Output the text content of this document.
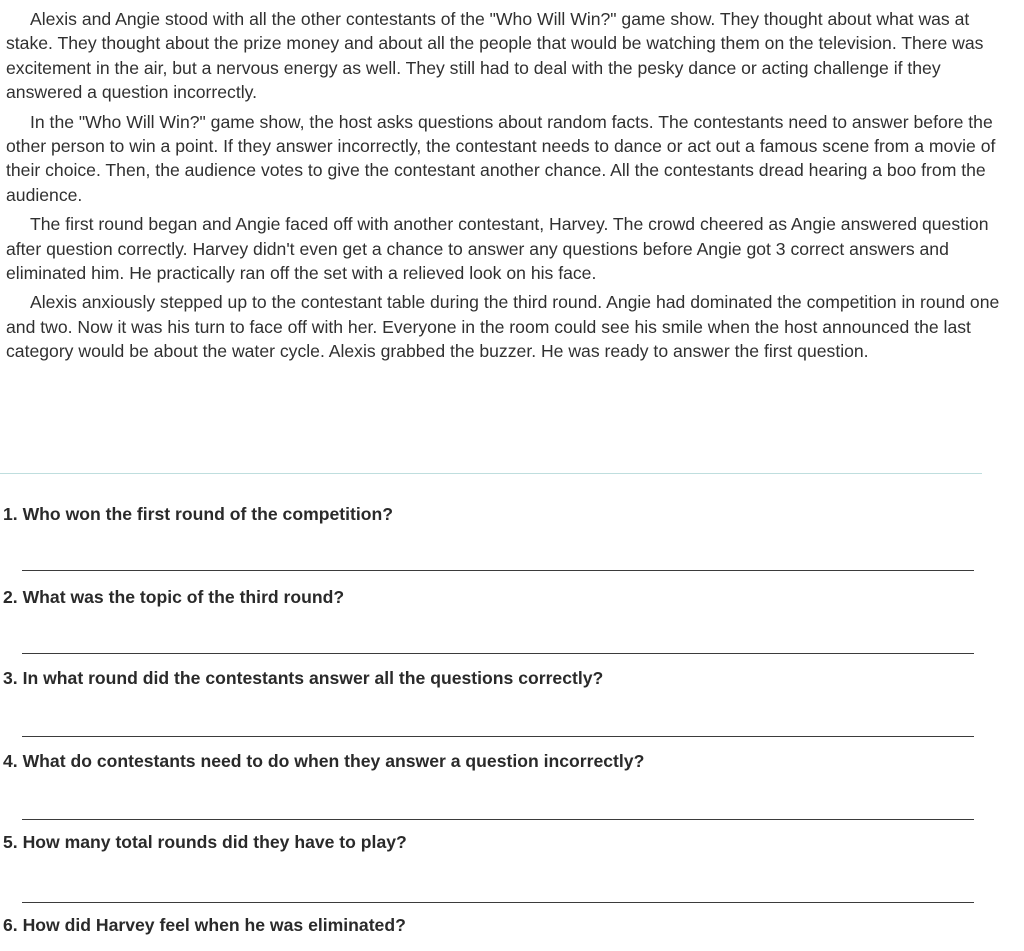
Alexis and Angie stood with all the other contestants of the "Who Will Win?" game show. They thought about what was at stake. They thought about the prize money and about all the people that would be watching them on the television. There was excitement in the air, but a nervous energy as well. They still had to deal with the pesky dance or acting challenge if they answered a question incorrectly.

In the "Who Will Win?" game show, the host asks questions about random facts. The contestants need to answer before the other person to win a point. If they answer incorrectly, the contestant needs to dance or act out a famous scene from a movie of their choice. Then, the audience votes to give the contestant another chance. All the contestants dread hearing a boo from the audience.

The first round began and Angie faced off with another contestant, Harvey. The crowd cheered as Angie answered question after question correctly. Harvey didn't even get a chance to answer any questions before Angie got 3 correct answers and eliminated him. He practically ran off the set with a relieved look on his face.

Alexis anxiously stepped up to the contestant table during the third round. Angie had dominated the competition in round one and two. Now it was his turn to face off with her. Everyone in the room could see his smile when the host announced the last category would be about the water cycle. Alexis grabbed the buzzer. He was ready to answer the first question.

1. Who won the first round of the competition?
2. What was the topic of the third round?
3. In what round did the contestants answer all the questions correctly?
4. What do contestants need to do when they answer a question incorrectly?
5. How many total rounds did they have to play?
6. How did Harvey feel when he was eliminated?
